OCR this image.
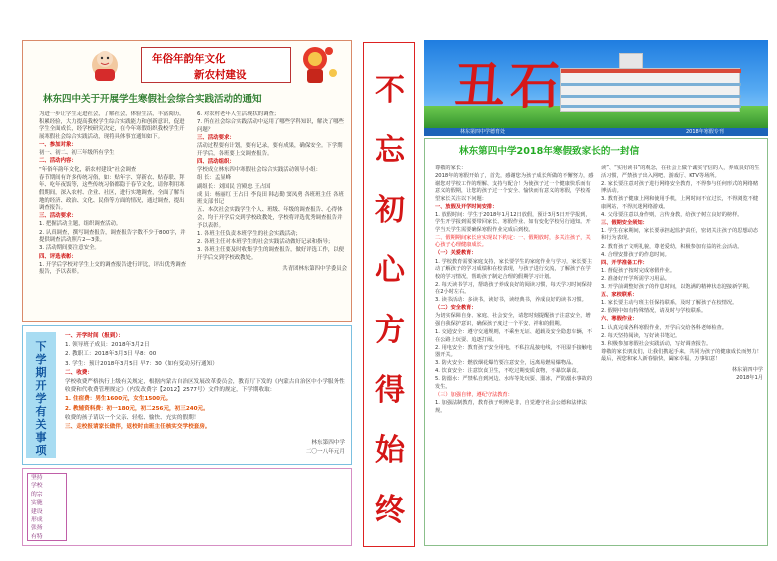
年俗年韵年文化
新农村建设
林东四中关于开展学生寒假社会综合实践活动的通知

为进一步让学生走进社会，了解社会，体验生活，丰富阅历，积累经验，大力提高我校学生综合实践能力和创新意识，促进学生全面成长，经学校研究决定，在今年寒假组织我校学生开展寒假社会综合实践活动，现将具体事宜通知如下。

一、参加对象：

初一、初二、初三年级所有学生

二、活动内容：

“年俗年韵年文化，新农村建设”社会调查

春节期间有许多传统习俗，如：贴年字、穿新衣、贴春联、拜年、吃年夜饭等，这些传统习俗都隐于春节文化，请你利用寒假期间，深入农村、企业、社区，进行实地调查，全面了解当地的经济、政治、文化、民俗等方面的情况，通过调查，提出调查报告。

三、活动要求：

1. 把握活动主题，组织调查活动。

2. 认真调查，撰写调查报告，调查报告字数不少于800字，并提供调查活动照片2—3张。

3. 活动期间要注意安全。

四、评选表彰：

1. 开学后学校对学生上交的调查报告进行评比，评出优秀调查报告，予以表彰。

6. 对农村老年人生活现状的调查；

7. 所在社会综合实践活动中运用了哪些学科知识，解决了哪些问题？

三、活动要求：

活动过程要有计划，要有记录，要有成果，确保安全。下学期开学后，各班要上交调查报告。

四、活动组织：

学校成立林东四中寒假社会综合实践活动领导小组：

组 长：孟显峰

副组长：刘国民 宫殿忠 王占国

成 员：杨丽红 王占日 李良田 韩志勤 窦凤勇 各班班主任 各班班支部书记

五、本次社会实践学生个人、班级、年级的调查报告、心得体会，均于开学后交到学校政教处，学校将评选优秀调查报告并予以表彰。

1. 各班主任负责本班学生的社会实践活动；

2. 各班主任对本班学生的社会实践活动做好记录和指导；

3. 各班主任要及时收集学生的调查报告，做好评选工作，以便开学后交到学校政教处。

共青团林东第四中学委员会

下学期开学有关事项

一、开学时间（报到）：

1. 领导班子成员：2018年3月2日

2. 教职工：2018年3月3日 早8：00

3. 学生：预计2018年3月5日 早7：30（如有变动另行通知）

二、收费：

学校收费严格执行上级有关规定，根据内蒙古自治区发展改革委员会，教育厅下发的《内蒙古自治区中小学服务性收费和代收费管理规定》（内发改费字【2012】2577号）文件的规定，下学期收取：

1. 住宿费：男生1600元，女生1500元。

2. 教辅资料费：初一180元，初二256元，初三240元。

收费的孩子请以一个父亲、轻松、愉快、充实的假期！

三、走校报请家长做伴，返校时由班主任核实交学校套房。

林东第四中学

二〇一八年元月

坚持
学校
的宗
实施
建设
形成
张扬
有特
不
忘
初
心
方
得
始
终
丑石
林东第四中学德育处	2018年寒假专刊
林东第四中学2018年寒假致家长的一封信

尊敬的家长：

2018年的寒假开始了，首先，感谢您为孩子成长所做的不懈努力，感谢您对学校工作的理解、支持与配合！为使孩子过一个健康快乐而有意义的假期，让您的孩子过一个安全、愉快而有意义的寒假，学校希望家长关注以下问题：

一、放假及开学时间安排：

1. 放假时间：学生于2018年1月12日放假，预计3月5日开学报到，学生开学报到需要带回家长、寒假作业、如有变化学校另行通知。开学当天学生需要确保寒假作业完成后到校。

二、假期期间家长应实现以下约定：一、假期放时，多关注孩子，关心孩子心理健康成长。

（一）关爱教育：

1. 学校教育需要家庭支持，家长要学生的家庭作业与学习，家长要主动了解孩子的学习成绩和在校表现，与孩子进行交流，了解孩子在学校的学习情况，帮助孩子制定合理的假期学习计划。

2. 每天读书学习，帮助孩子养成良好的阅读习惯，每天学习时间保持在2小时左右。

3. 读书活动：多读书，读好书，读经典书，养成良好的读书习惯。

（二）安全教育：

为切实保障自身、家庭、社会安全，请您时刻提醒孩子注意安全，增强自我保护意识，确保孩子度过一个平安、祥和的假期。

1. 交通安全：遵守交通规则，不乘坐无证、超载及安全隐患车辆，不在公路上玩耍、追逐打闹。

2. 用电安全：教育孩子安全用电，不私拉乱接电线，不用湿手接触电器开关。

3. 防火安全：燃放烟花爆竹要注意安全，远离易燃易爆物品。

4. 饮食安全：注意饮食卫生，不吃过期变质食物，不暴饮暴食。

5. 防溺水：严禁私自到河边、水库等处玩耍、溜冰，严防溺水事故的发生。

（三）加强自律，遵纪守法教育：

1. 加强法制教育，教育孩子明辨是非，自觉遵守社会公德和法律法规。

读”、“实用读书”的观念，在社会上做个诚实守信的人，养成良好的生活习惯，严禁孩子出入网吧、游戏厅、KTV等场所。

2. 家长要注意对孩子进行网络安全教育，不得参与任何形式的网络赌博活动。

3. 教育孩子健康上网和使用手机，上网时间不宜过长，不得浏览不健康网站，不得沉迷网络游戏。

4. 父母要注意以身作则，言传身教，给孩子树立良好的榜样。

三、假期安全须知：

1. 学生在家期间，家长要承担起监护责任，密切关注孩子的思想动态和行为表现。

2. 教育孩子文明礼貌，尊老爱幼，积极参加有益的社会活动。

4. 合理安排孩子的作息时间。

四、开学准备工作：

1. 督促孩子按时完成寒假作业。

2. 准备好开学所需学习用品。

3. 开学前调整好孩子的作息时间，以饱满的精神状态迎接新学期。

五、家校联系：

1. 家长要主动与班主任保持联系，及时了解孩子在校情况。

2. 假期中如有特殊情况，请及时与学校联系。

六、寒假作业：

1. 认真完成各科寒假作业，开学后交给各科老师检查。

2. 每天坚持阅读，写好读书笔记。

3. 积极参加寒假社会实践活动，写好调查报告。

尊敬的家长朋友们，让我们携起手来，共同为孩子的健康成长而努力！最后，祝您和家人新春愉快，阖家幸福，万事如意！

林东第四中学

2018年1月
